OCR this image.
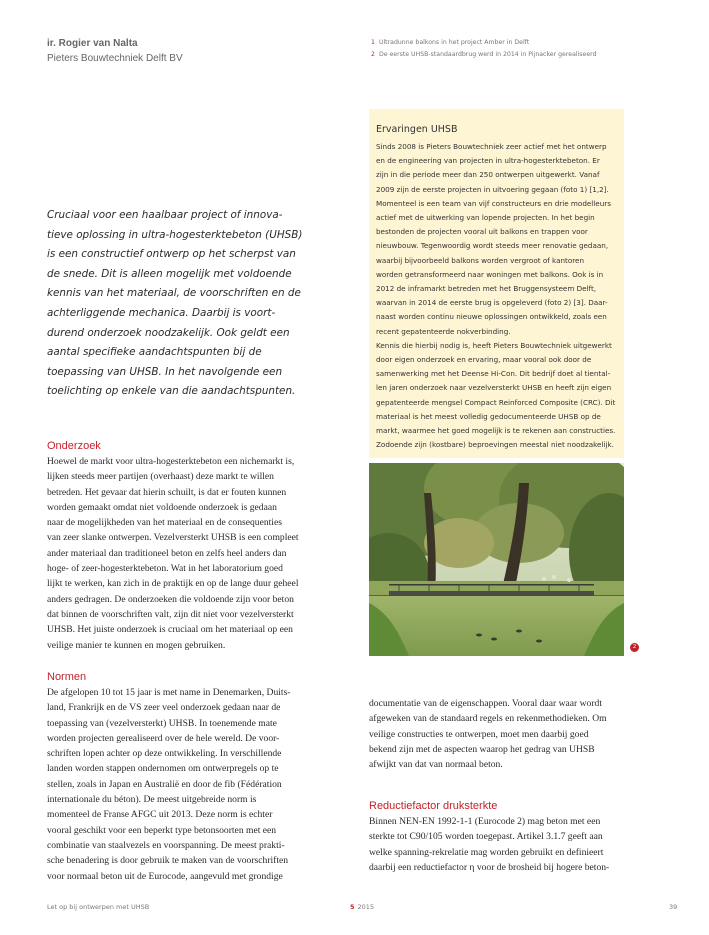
ir. Rogier van Nalta
Pieters Bouwtechniek Delft BV
1 Ultradunne balkons in het project Amber in Delft
2 De eerste UHSB-standaardbrug werd in 2014 in Pijnacker gerealiseerd
Ervaringen UHSB
Sinds 2008 is Pieters Bouwtechniek zeer actief met het ontwerp
en de engineering van projecten in ultra-hogesterktebeton. Er
zijn in die periode meer dan 250 ontwerpen uitgewerkt. Vanaf
2009 zijn de eerste projecten in uitvoering gegaan (foto 1) [1,2].
Momenteel is een team van vijf constructeurs en drie modelleurs
actief met de uitwerking van lopende projecten. In het begin
bestonden de projecten vooral uit balkons en trappen voor
nieuwbouw. Tegenwoordig wordt steeds meer renovatie gedaan,
waarbij bijvoorbeeld balkons worden vergroot of kantoren
worden getransformeerd naar woningen met balkons. Ook is in
2012 de inframarkt betreden met het Bruggensysteem Delft,
waarvan in 2014 de eerste brug is opgeleverd (foto 2) [3]. Daar-
naast worden continu nieuwe oplossingen ontwikkeld, zoals een
recent gepatenteerde nokverbinding.
Kennis die hierbij nodig is, heeft Pieters Bouwtechniek uitgewerkt
door eigen onderzoek en ervaring, maar vooral ook door de
samenwerking met het Deense Hi-Con. Dit bedrijf doet al tiental-
len jaren onderzoek naar vezelversterkt UHSB en heeft zijn eigen
gepatenteerde mengsel Compact Reinforced Composite (CRC). Dit
materiaal is het meest volledig gedocumenteerde UHSB op de
markt, waarmee het goed mogelijk is te rekenen aan constructies.
Zodoende zijn (kostbare) beproevingen meestal niet noodzakelijk.
Cruciaal voor een haalbaar project of innova-
tieve oplossing in ultra-hogesterktebeton (UHSB)
is een constructief ontwerp op het scherpst van
de snede. Dit is alleen mogelijk met voldoende
kennis van het materiaal, de voorschriften en de
achterliggende mechanica. Daarbij is voort-
durend onderzoek noodzakelijk. Ook geldt een
aantal specifieke aandachtspunten bij de
toepassing van UHSB. In het navolgende een
toelichting op enkele van die aandachtspunten.
Onderzoek
Hoewel de markt voor ultra-hogesterktebeton een nichemarkt is,
lijken steeds meer partijen (overhaast) deze markt te willen
betreden. Het gevaar dat hierin schuilt, is dat er fouten kunnen
worden gemaakt omdat niet voldoende onderzoek is gedaan
naar de mogelijkheden van het materiaal en de consequenties
van zeer slanke ontwerpen. Vezelversterkt UHSB is een compleet
ander materiaal dan traditioneel beton en zelfs heel anders dan
hoge- of zeer-hogesterktebeton. Wat in het laboratorium goed
lijkt te werken, kan zich in de praktijk en op de lange duur geheel
anders gedragen. De onderzoeken die voldoende zijn voor beton
dat binnen de voorschriften valt, zijn dit niet voor vezelversterkt
UHSB. Het juiste onderzoek is cruciaal om het materiaal op een
veilige manier te kunnen en mogen gebruiken.
Normen
De afgelopen 10 tot 15 jaar is met name in Denemarken, Duits-
land, Frankrijk en de VS zeer veel onderzoek gedaan naar de
toepassing van (vezelversterkt) UHSB. In toenemende mate
worden projecten gerealiseerd over de hele wereld. De voor-
schriften lopen achter op deze ontwikkeling. In verschillende
landen worden stappen ondernomen om ontwerpregels op te
stellen, zoals in Japan en Australië en door de fib (Fédération
internationale du béton). De meest uitgebreide norm is
momenteel de Franse AFGC uit 2013. Deze norm is echter
vooral geschikt voor een beperkt type betonsoorten met een
combinatie van staalvezels en voorspanning. De meest prakti-
sche benadering is door gebruik te maken van de voorschriften
voor normaal beton uit de Eurocode, aangevuld met grondige
2
documentatie van de eigenschappen. Vooral daar waar wordt
afgeweken van de standaard regels en rekenmethodieken. Om
veilige constructies te ontwerpen, moet men daarbij goed
bekend zijn met de aspecten waarop het gedrag van UHSB
afwijkt van dat van normaal beton.
Reductiefactor druksterkte
Binnen NEN-EN 1992-1-1 (Eurocode 2) mag beton met een
sterkte tot C90/105 worden toegepast. Artikel 3.1.7 geeft aan
welke spanning-rekrelatie mag worden gebruikt en definieert
daarbij een reductiefactor η voor de brosheid bij hogere beton-
Let op bij ontwerpen met UHSB	5 2015	39
